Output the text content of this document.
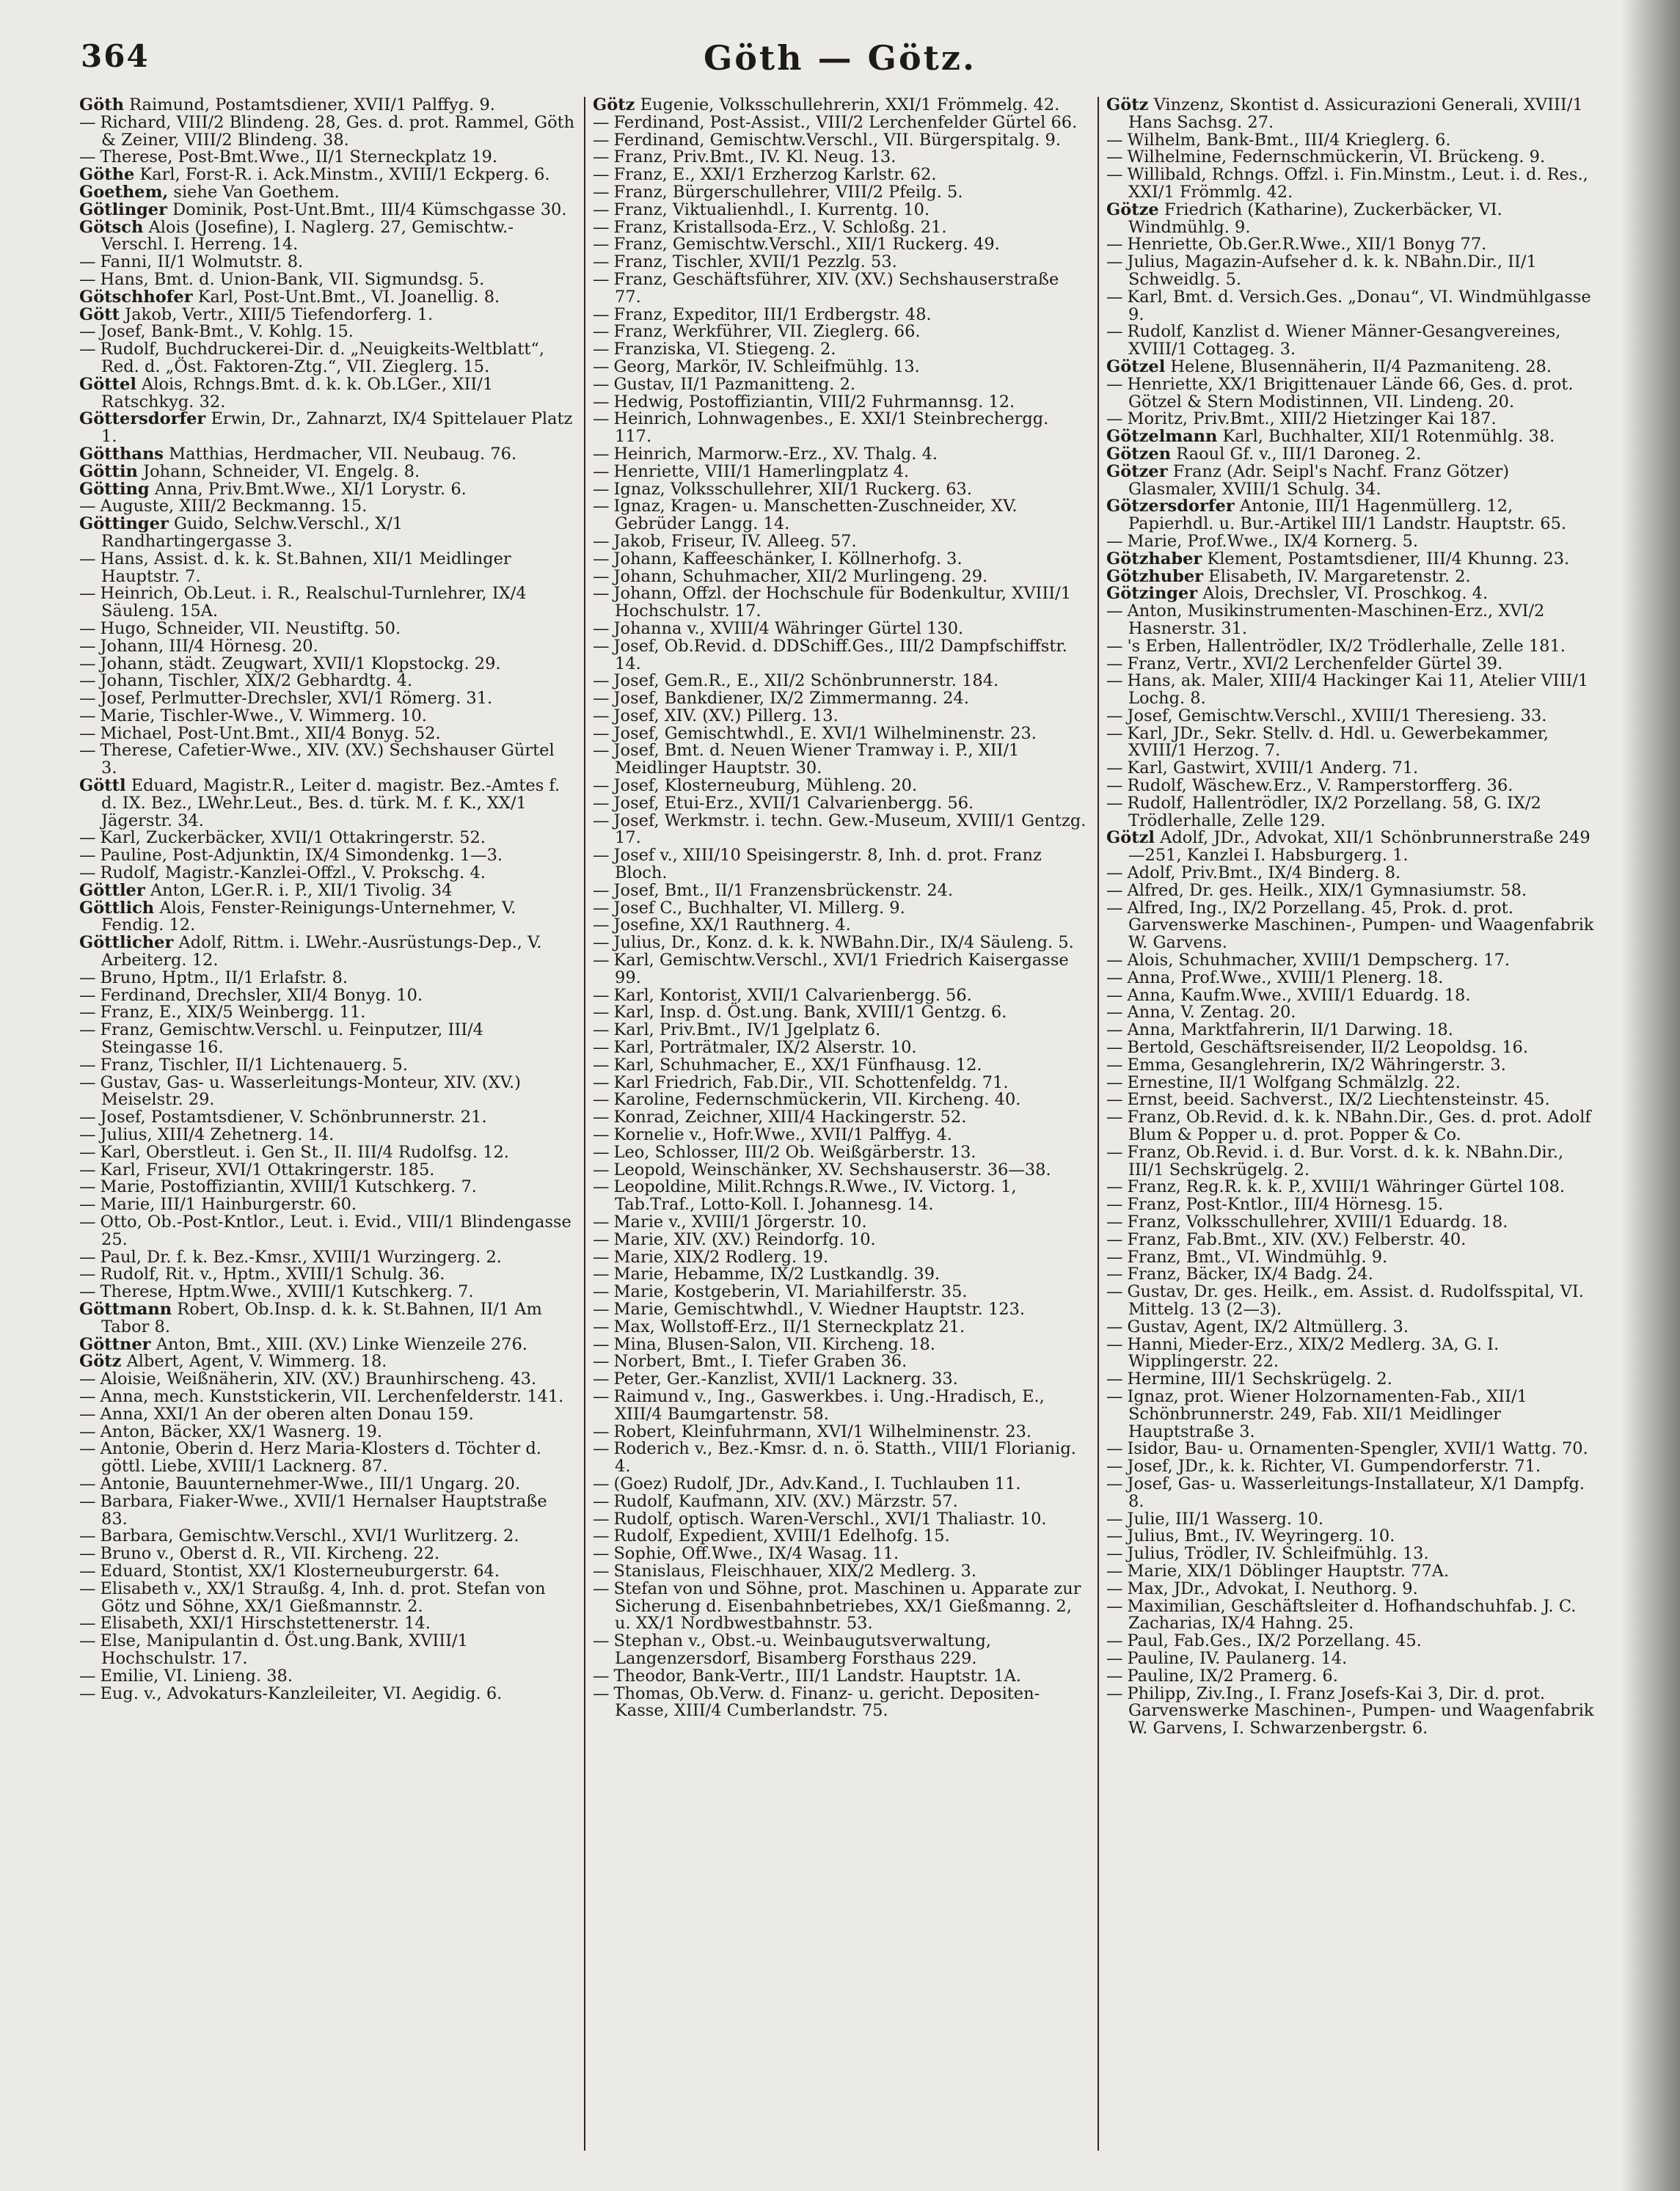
364	Göth — Götz.

Göth Raimund, Postamtsdiener, XVII/1 Palffyg. 9.

— Richard, VIII/2 Blindeng. 28, Ges. d. prot. Rammel, Göth & Zeiner, VIII/2 Blindeng. 38.

— Therese, Post-Bmt.Wwe., II/1 Sterneckplatz 19.

Göthe Karl, Forst-R. i. Ack.Minstm., XVIII/1 Eckperg. 6.

Goethem, siehe Van Goethem.

Götlinger Dominik, Post-Unt.Bmt., III/4 Kümschgasse 30.

Götsch Alois (Josefine), I. Naglerg. 27, Gemischtw.-Verschl. I. Herreng. 14.

— Fanni, II/1 Wolmutstr. 8.

— Hans, Bmt. d. Union-Bank, VII. Sigmundsg. 5.

Götschhofer Karl, Post-Unt.Bmt., VI. Joanellig. 8.

Gött Jakob, Vertr., XIII/5 Tiefendorferg. 1.

— Josef, Bank-Bmt., V. Kohlg. 15.

— Rudolf, Buchdruckerei-Dir. d. „Neuigkeits-Weltblatt“, Red. d. „Öst. Faktoren-Ztg.“, VII. Zieglerg. 15.

Göttel Alois, Rchngs.Bmt. d. k. k. Ob.LGer., XII/1 Ratschkyg. 32.

Göttersdorfer Erwin, Dr., Zahnarzt, IX/4 Spittelauer Platz 1.

Götthans Matthias, Herdmacher, VII. Neubaug. 76.

Göttin Johann, Schneider, VI. Engelg. 8.

Götting Anna, Priv.Bmt.Wwe., XI/1 Lorystr. 6.

— Auguste, XIII/2 Beckmanng. 15.

Göttinger Guido, Selchw.Verschl., X/1 Randhartingergasse 3.

— Hans, Assist. d. k. k. St.Bahnen, XII/1 Meidlinger Hauptstr. 7.

— Heinrich, Ob.Leut. i. R., Realschul-Turnlehrer, IX/4 Säuleng. 15A.

— Hugo, Schneider, VII. Neustiftg. 50.

— Johann, III/4 Hörnesg. 20.

— Johann, städt. Zeugwart, XVII/1 Klopstockg. 29.

— Johann, Tischler, XIX/2 Gebhardtg. 4.

— Josef, Perlmutter-Drechsler, XVI/1 Römerg. 31.

— Marie, Tischler-Wwe., V. Wimmerg. 10.

— Michael, Post-Unt.Bmt., XII/4 Bonyg. 52.

— Therese, Cafetier-Wwe., XIV. (XV.) Sechshauser Gürtel 3.

Göttl Eduard, Magistr.R., Leiter d. magistr. Bez.-Amtes f. d. IX. Bez., LWehr.Leut., Bes. d. türk. M. f. K., XX/1 Jägerstr. 34.

— Karl, Zuckerbäcker, XVII/1 Ottakringerstr. 52.

— Pauline, Post-Adjunktin, IX/4 Simondenkg. 1—3.

— Rudolf, Magistr.-Kanzlei-Offzl., V. Prokschg. 4.

Göttler Anton, LGer.R. i. P., XII/1 Tivolig. 34

Göttlich Alois, Fenster-Reinigungs-Unternehmer, V. Fendig. 12.

Göttlicher Adolf, Rittm. i. LWehr.-Ausrüstungs-Dep., V. Arbeiterg. 12.

— Bruno, Hptm., II/1 Erlafstr. 8.

— Ferdinand, Drechsler, XII/4 Bonyg. 10.

— Franz, E., XIX/5 Weinbergg. 11.

— Franz, Gemischtw.Verschl. u. Feinputzer, III/4 Steingasse 16.

— Franz, Tischler, II/1 Lichtenauerg. 5.

— Gustav, Gas- u. Wasserleitungs-Monteur, XIV. (XV.) Meiselstr. 29.

— Josef, Postamtsdiener, V. Schönbrunnerstr. 21.

— Julius, XIII/4 Zehetnerg. 14.

— Karl, Oberstleut. i. Gen St., II. III/4 Rudolfsg. 12.

— Karl, Friseur, XVI/1 Ottakringerstr. 185.

— Marie, Postoffiziantin, XVIII/1 Kutschkerg. 7.

— Marie, III/1 Hainburgerstr. 60.

— Otto, Ob.-Post-Kntlor., Leut. i. Evid., VIII/1 Blindengasse 25.

— Paul, Dr. f. k. Bez.-Kmsr., XVIII/1 Wurzingerg. 2.

— Rudolf, Rit. v., Hptm., XVIII/1 Schulg. 36.

— Therese, Hptm.Wwe., XVIII/1 Kutschkerg. 7.

Göttmann Robert, Ob.Insp. d. k. k. St.Bahnen, II/1 Am Tabor 8.

Göttner Anton, Bmt., XIII. (XV.) Linke Wienzeile 276.

Götz Albert, Agent, V. Wimmerg. 18.

— Aloisie, Weißnäherin, XIV. (XV.) Braunhirscheng. 43.

— Anna, mech. Kunststickerin, VII. Lerchenfelderstr. 141.

— Anna, XXI/1 An der oberen alten Donau 159.

— Anton, Bäcker, XX/1 Wasnerg. 19.

— Antonie, Oberin d. Herz Maria-Klosters d. Töchter d. göttl. Liebe, XVIII/1 Lacknerg. 87.

— Antonie, Bauunternehmer-Wwe., III/1 Ungarg. 20.

— Barbara, Fiaker-Wwe., XVII/1 Hernalser Hauptstraße 83.

— Barbara, Gemischtw.Verschl., XVI/1 Wurlitzerg. 2.

— Bruno v., Oberst d. R., VII. Kircheng. 22.

— Eduard, Stontist, XX/1 Klosterneuburgerstr. 64.

— Elisabeth v., XX/1 Straußg. 4, Inh. d. prot. Stefan von Götz und Söhne, XX/1 Gießmannstr. 2.

— Elisabeth, XXI/1 Hirschstettenerstr. 14.

— Else, Manipulantin d. Öst.ung.Bank, XVIII/1 Hochschulstr. 17.

— Emilie, VI. Linieng. 38.

— Eug. v., Advokaturs-Kanzleileiter, VI. Aegidig. 6.

Götz Eugenie, Volksschullehrerin, XXI/1 Frömmelg. 42.

— Ferdinand, Post-Assist., VIII/2 Lerchenfelder Gürtel 66.

— Ferdinand, Gemischtw.Verschl., VII. Bürgerspitalg. 9.

— Franz, Priv.Bmt., IV. Kl. Neug. 13.

— Franz, E., XXI/1 Erzherzog Karlstr. 62.

— Franz, Bürgerschullehrer, VIII/2 Pfeilg. 5.

— Franz, Viktualienhdl., I. Kurrentg. 10.

— Franz, Kristallsoda-Erz., V. Schloßg. 21.

— Franz, Gemischtw.Verschl., XII/1 Ruckerg. 49.

— Franz, Tischler, XVII/1 Pezzlg. 53.

— Franz, Geschäftsführer, XIV. (XV.) Sechshauserstraße 77.

— Franz, Expeditor, III/1 Erdbergstr. 48.

— Franz, Werkführer, VII. Zieglerg. 66.

— Franziska, VI. Stiegeng. 2.

— Georg, Markör, IV. Schleifmühlg. 13.

— Gustav, II/1 Pazmanitteng. 2.

— Hedwig, Postoffiziantin, VIII/2 Fuhrmannsg. 12.

— Heinrich, Lohnwagenbes., E. XXI/1 Steinbrechergg. 117.

— Heinrich, Marmorw.-Erz., XV. Thalg. 4.

— Henriette, VIII/1 Hamerlingplatz 4.

— Ignaz, Volksschullehrer, XII/1 Ruckerg. 63.

— Ignaz, Kragen- u. Manschetten-Zuschneider, XV. Gebrüder Langg. 14.

— Jakob, Friseur, IV. Alleeg. 57.

— Johann, Kaffeeschänker, I. Köllnerhofg. 3.

— Johann, Schuhmacher, XII/2 Murlingeng. 29.

— Johann, Offzl. der Hochschule für Bodenkultur, XVIII/1 Hochschulstr. 17.

— Johanna v., XVIII/4 Währinger Gürtel 130.

— Josef, Ob.Revid. d. DDSchiff.Ges., III/2 Dampfschiffstr. 14.

— Josef, Gem.R., E., XII/2 Schönbrunnerstr. 184.

— Josef, Bankdiener, IX/2 Zimmermanng. 24.

— Josef, XIV. (XV.) Pillerg. 13.

— Josef, Gemischtwhdl., E. XVI/1 Wilhelminenstr. 23.

— Josef, Bmt. d. Neuen Wiener Tramway i. P., XII/1 Meidlinger Hauptstr. 30.

— Josef, Klosterneuburg, Mühleng. 20.

— Josef, Etui-Erz., XVII/1 Calvarienbergg. 56.

— Josef, Werkmstr. i. techn. Gew.-Museum, XVIII/1 Gentzg. 17.

— Josef v., XIII/10 Speisingerstr. 8, Inh. d. prot. Franz Bloch.

— Josef, Bmt., II/1 Franzensbrückenstr. 24.

— Josef C., Buchhalter, VI. Millerg. 9.

— Josefine, XX/1 Rauthnerg. 4.

— Julius, Dr., Konz. d. k. k. NWBahn.Dir., IX/4 Säuleng. 5.

— Karl, Gemischtw.Verschl., XVI/1 Friedrich Kaisergasse 99.

— Karl, Kontorist, XVII/1 Calvarienbergg. 56.

— Karl, Insp. d. Öst.ung. Bank, XVIII/1 Gentzg. 6.

— Karl, Priv.Bmt., IV/1 Jgelplatz 6.

— Karl, Porträtmaler, IX/2 Alserstr. 10.

— Karl, Schuhmacher, E., XX/1 Fünfhausg. 12.

— Karl Friedrich, Fab.Dir., VII. Schottenfeldg. 71.

— Karoline, Federnschmückerin, VII. Kircheng. 40.

— Konrad, Zeichner, XIII/4 Hackingerstr. 52.

— Kornelie v., Hofr.Wwe., XVII/1 Palffyg. 4.

— Leo, Schlosser, III/2 Ob. Weißgärberstr. 13.

— Leopold, Weinschänker, XV. Sechshauserstr. 36—38.

— Leopoldine, Milit.Rchngs.R.Wwe., IV. Victorg. 1, Tab.Traf., Lotto-Koll. I. Johannesg. 14.

— Marie v., XVIII/1 Jörgerstr. 10.

— Marie, XIV. (XV.) Reindorfg. 10.

— Marie, XIX/2 Rodlerg. 19.

— Marie, Hebamme, IX/2 Lustkandlg. 39.

— Marie, Kostgeberin, VI. Mariahilferstr. 35.

— Marie, Gemischtwhdl., V. Wiedner Hauptstr. 123.

— Max, Wollstoff-Erz., II/1 Sterneckplatz 21.

— Mina, Blusen-Salon, VII. Kircheng. 18.

— Norbert, Bmt., I. Tiefer Graben 36.

— Peter, Ger.-Kanzlist, XVII/1 Lacknerg. 33.

— Raimund v., Ing., Gaswerkbes. i. Ung.-Hradisch, E., XIII/4 Baumgartenstr. 58.

— Robert, Kleinfuhrmann, XVI/1 Wilhelminenstr. 23.

— Roderich v., Bez.-Kmsr. d. n. ö. Statth., VIII/1 Florianig. 4.

— (Goez) Rudolf, JDr., Adv.Kand., I. Tuchlauben 11.

— Rudolf, Kaufmann, XIV. (XV.) Märzstr. 57.

— Rudolf, optisch. Waren-Verschl., XVI/1 Thaliastr. 10.

— Rudolf, Expedient, XVIII/1 Edelhofg. 15.

— Sophie, Off.Wwe., IX/4 Wasag. 11.

— Stanislaus, Fleischhauer, XIX/2 Medlerg. 3.

— Stefan von und Söhne, prot. Maschinen u. Apparate zur Sicherung d. Eisenbahnbetriebes, XX/1 Gießmanng. 2, u. XX/1 Nordbwestbahnstr. 53.

— Stephan v., Obst.-u. Weinbaugutsverwaltung, Langenzersdorf, Bisamberg Forsthaus 229.

— Theodor, Bank-Vertr., III/1 Landstr. Hauptstr. 1A.

— Thomas, Ob.Verw. d. Finanz- u. gericht. Depositen-Kasse, XIII/4 Cumberlandstr. 75.

Götz Vinzenz, Skontist d. Assicurazioni Generali, XVIII/1 Hans Sachsg. 27.

— Wilhelm, Bank-Bmt., III/4 Krieglerg. 6.

— Wilhelmine, Federnschmückerin, VI. Brückeng. 9.

— Willibald, Rchngs. Offzl. i. Fin.Minstm., Leut. i. d. Res., XXI/1 Frömmlg. 42.

Götze Friedrich (Katharine), Zuckerbäcker, VI. Windmühlg. 9.

— Henriette, Ob.Ger.R.Wwe., XII/1 Bonyg 77.

— Julius, Magazin-Aufseher d. k. k. NBahn.Dir., II/1 Schweidlg. 5.

— Karl, Bmt. d. Versich.Ges. „Donau“, VI. Windmühlgasse 9.

— Rudolf, Kanzlist d. Wiener Männer-Gesangvereines, XVIII/1 Cottageg. 3.

Götzel Helene, Blusennäherin, II/4 Pazmaniteng. 28.

— Henriette, XX/1 Brigittenauer Lände 66, Ges. d. prot. Götzel & Stern Modistinnen, VII. Lindeng. 20.

— Moritz, Priv.Bmt., XIII/2 Hietzinger Kai 187.

Götzelmann Karl, Buchhalter, XII/1 Rotenmühlg. 38.

Götzen Raoul Gf. v., III/1 Daroneg. 2.

Götzer Franz (Adr. Seipl's Nachf. Franz Götzer) Glasmaler, XVIII/1 Schulg. 34.

Götzersdorfer Antonie, III/1 Hagenmüllerg. 12, Papierhdl. u. Bur.-Artikel III/1 Landstr. Hauptstr. 65.

— Marie, Prof.Wwe., IX/4 Kornerg. 5.

Götzhaber Klement, Postamtsdiener, III/4 Khunng. 23.

Götzhuber Elisabeth, IV. Margaretenstr. 2.

Götzinger Alois, Drechsler, VI. Proschkog. 4.

— Anton, Musikinstrumenten-Maschinen-Erz., XVI/2 Hasnerstr. 31.

— 's Erben, Hallentrödler, IX/2 Trödlerhalle, Zelle 181.

— Franz, Vertr., XVI/2 Lerchenfelder Gürtel 39.

— Hans, ak. Maler, XIII/4 Hackinger Kai 11, Atelier VIII/1 Lochg. 8.

— Josef, Gemischtw.Verschl., XVIII/1 Theresieng. 33.

— Karl, JDr., Sekr. Stellv. d. Hdl. u. Gewerbekammer, XVIII/1 Herzog. 7.

— Karl, Gastwirt, XVIII/1 Anderg. 71.

— Rudolf, Wäschew.Erz., V. Ramperstorfferg. 36.

— Rudolf, Hallentrödler, IX/2 Porzellang. 58, G. IX/2 Trödlerhalle, Zelle 129.

Götzl Adolf, JDr., Advokat, XII/1 Schönbrunnerstraße 249—251, Kanzlei I. Habsburgerg. 1.

— Adolf, Priv.Bmt., IX/4 Binderg. 8.

— Alfred, Dr. ges. Heilk., XIX/1 Gymnasiumstr. 58.

— Alfred, Ing., IX/2 Porzellang. 45, Prok. d. prot. Garvenswerke Maschinen-, Pumpen- und Waagenfabrik W. Garvens.

— Alois, Schuhmacher, XVIII/1 Dempscherg. 17.

— Anna, Prof.Wwe., XVIII/1 Plenerg. 18.

— Anna, Kaufm.Wwe., XVIII/1 Eduardg. 18.

— Anna, V. Zentag. 20.

— Anna, Marktfahrerin, II/1 Darwing. 18.

— Bertold, Geschäftsreisender, II/2 Leopoldsg. 16.

— Emma, Gesanglehrerin, IX/2 Währingerstr. 3.

— Ernestine, II/1 Wolfgang Schmälzlg. 22.

— Ernst, beeid. Sachverst., IX/2 Liechtensteinstr. 45.

— Franz, Ob.Revid. d. k. k. NBahn.Dir., Ges. d. prot. Adolf Blum & Popper u. d. prot. Popper & Co.

— Franz, Ob.Revid. i. d. Bur. Vorst. d. k. k. NBahn.Dir., III/1 Sechskrügelg. 2.

— Franz, Reg.R. k. k. P., XVIII/1 Währinger Gürtel 108.

— Franz, Post-Kntlor., III/4 Hörnesg. 15.

— Franz, Volksschullehrer, XVIII/1 Eduardg. 18.

— Franz, Fab.Bmt., XIV. (XV.) Felberstr. 40.

— Franz, Bmt., VI. Windmühlg. 9.

— Franz, Bäcker, IX/4 Badg. 24.

— Gustav, Dr. ges. Heilk., em. Assist. d. Rudolfsspital, VI. Mittelg. 13 (2—3).

— Gustav, Agent, IX/2 Altmüllerg. 3.

— Hanni, Mieder-Erz., XIX/2 Medlerg. 3A, G. I. Wipplingerstr. 22.

— Hermine, III/1 Sechskrügelg. 2.

— Ignaz, prot. Wiener Holzornamenten-Fab., XII/1 Schönbrunnerstr. 249, Fab. XII/1 Meidlinger Hauptstraße 3.

— Isidor, Bau- u. Ornamenten-Spengler, XVII/1 Wattg. 70.

— Josef, JDr., k. k. Richter, VI. Gumpendorferstr. 71.

— Josef, Gas- u. Wasserleitungs-Installateur, X/1 Dampfg. 8.

— Julie, III/1 Wasserg. 10.

— Julius, Bmt., IV. Weyringerg. 10.

— Julius, Trödler, IV. Schleifmühlg. 13.

— Marie, XIX/1 Döblinger Hauptstr. 77A.

— Max, JDr., Advokat, I. Neuthorg. 9.

— Maximilian, Geschäftsleiter d. Hofhandschuhfab. J. C. Zacharias, IX/4 Hahng. 25.

— Paul, Fab.Ges., IX/2 Porzellang. 45.

— Pauline, IV. Paulanerg. 14.

— Pauline, IX/2 Pramerg. 6.

— Philipp, Ziv.Ing., I. Franz Josefs-Kai 3, Dir. d. prot. Garvenswerke Maschinen-, Pumpen- und Waagenfabrik W. Garvens, I. Schwarzenbergstr. 6.
